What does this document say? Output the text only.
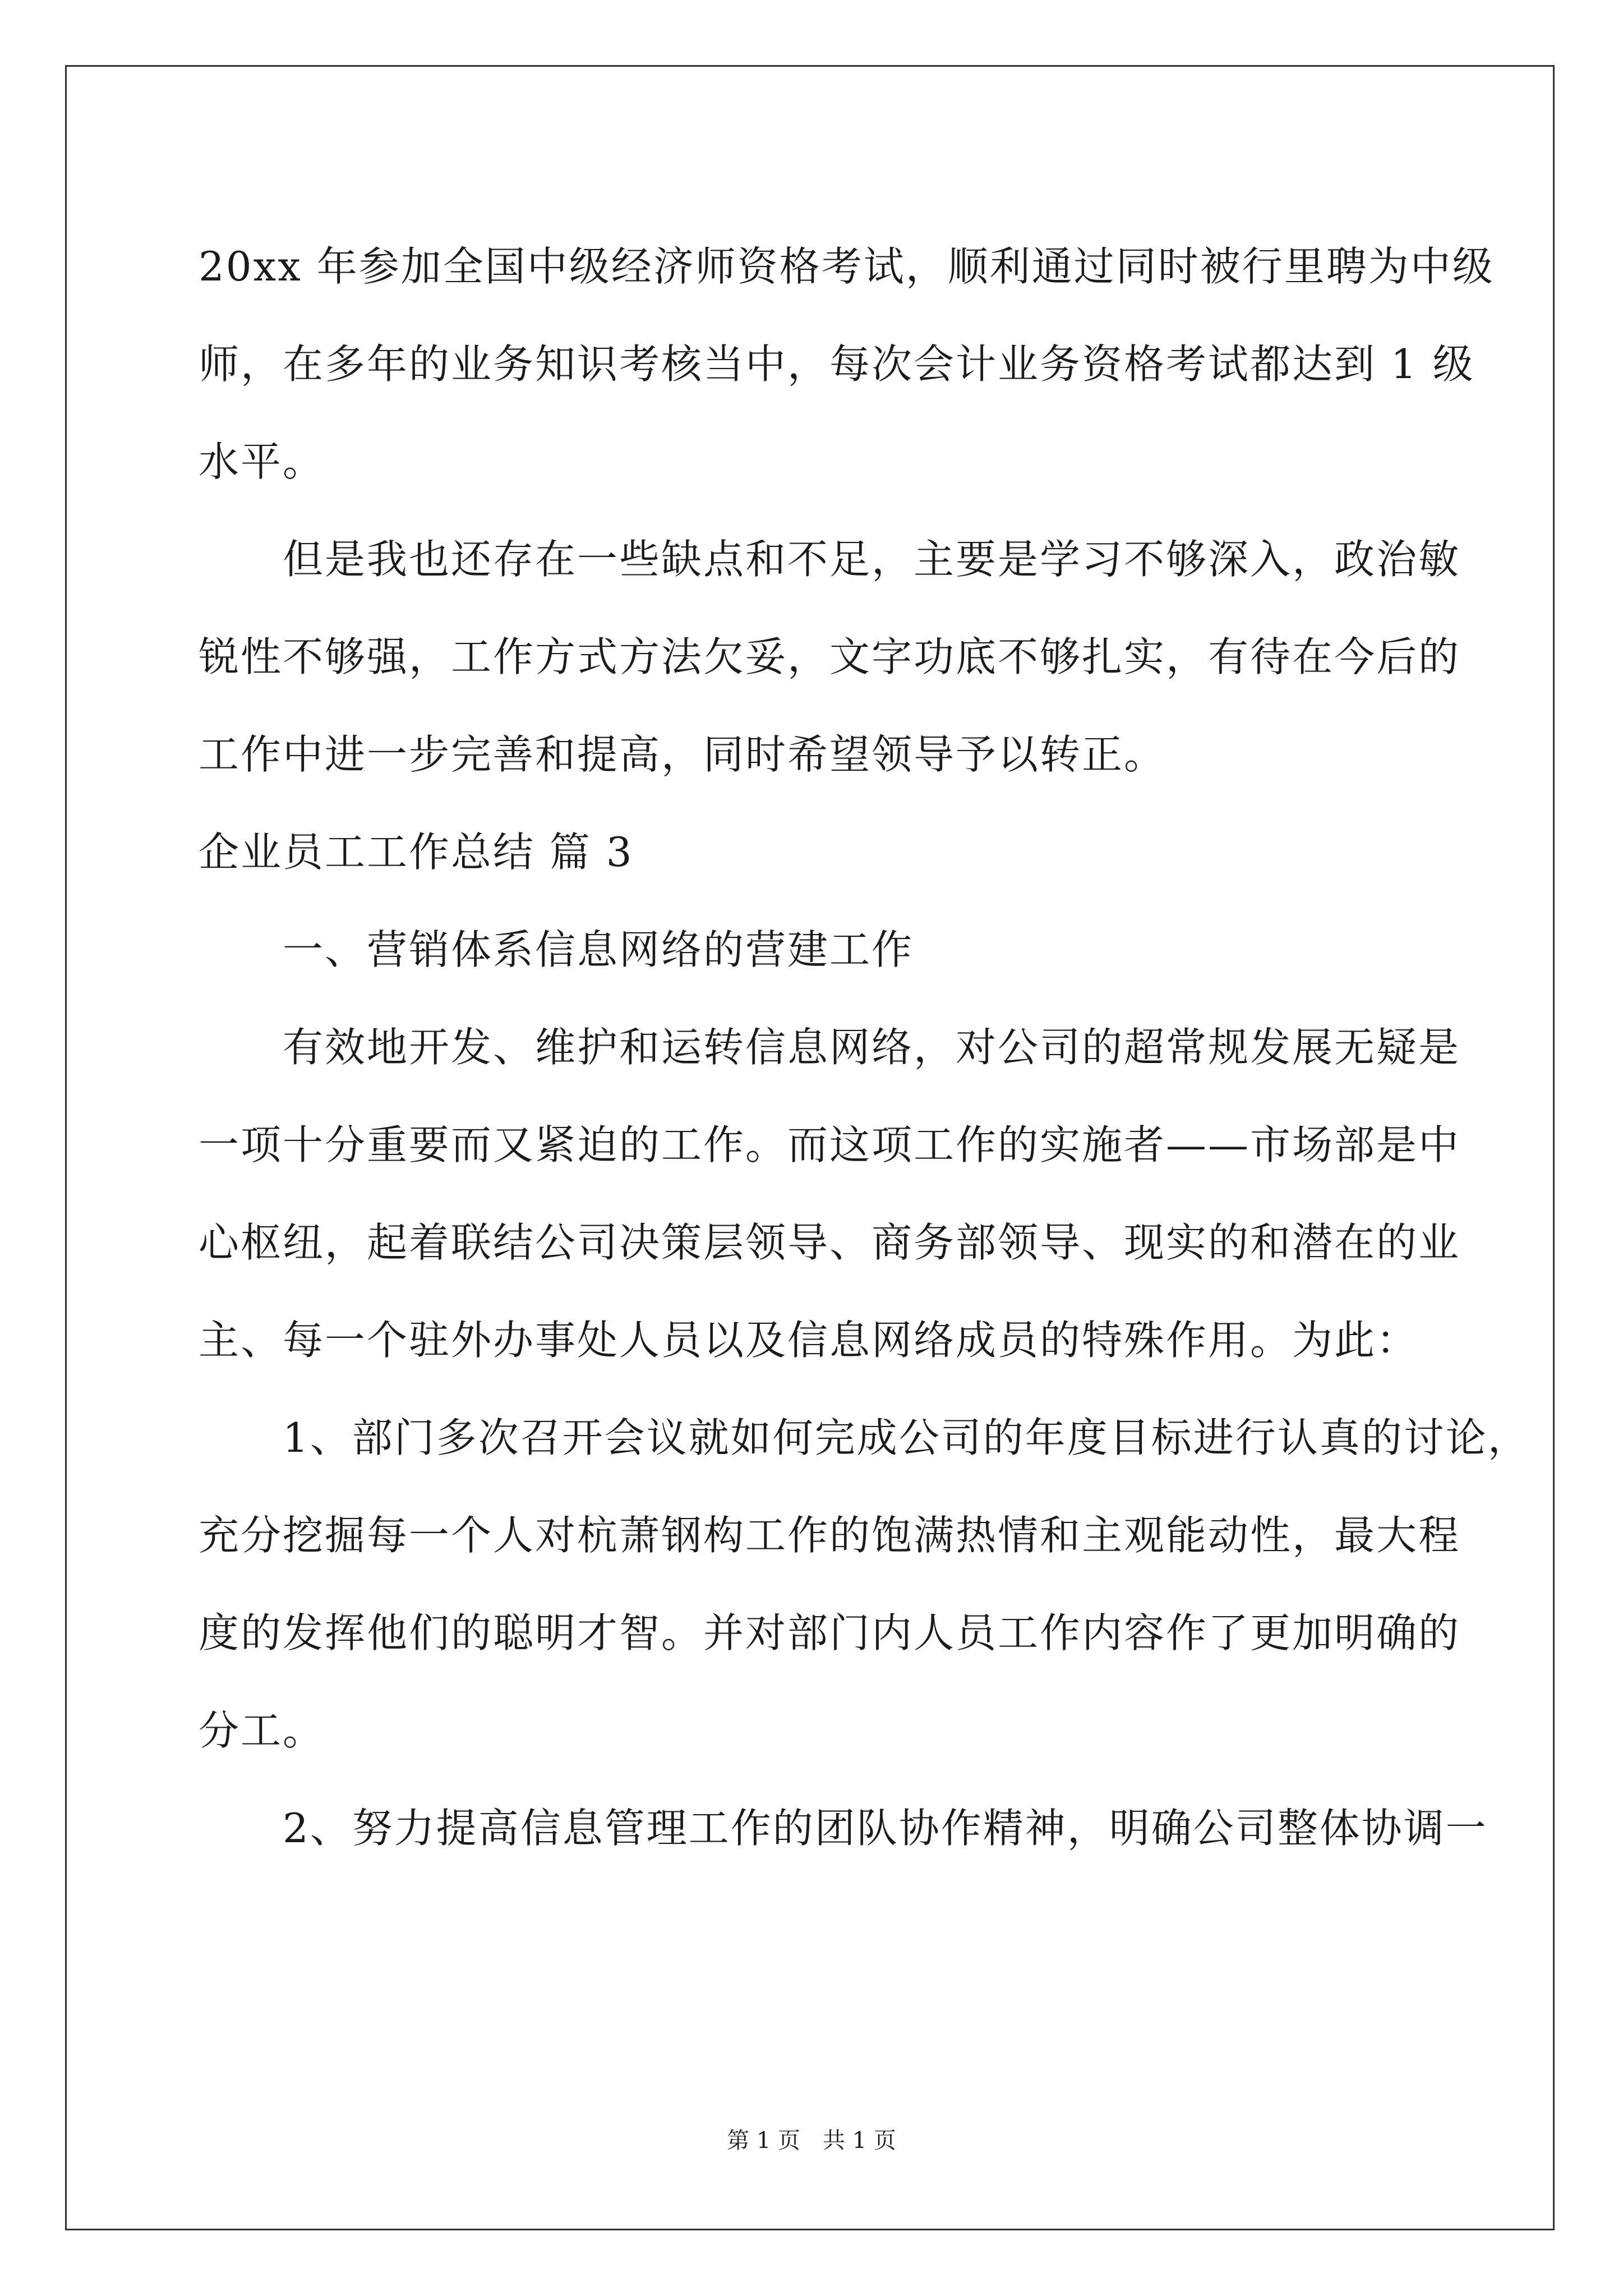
20xx 年参加全国中级经济师资格考试，顺利通过同时被行里聘为中级
师，在多年的业务知识考核当中，每次会计业务资格考试都达到 1 级
水平。
但是我也还存在一些缺点和不足，主要是学习不够深入，政治敏
锐性不够强，工作方式方法欠妥，文字功底不够扎实，有待在今后的
工作中进一步完善和提高，同时希望领导予以转正。
企业员工工作总结 篇 3
一、营销体系信息网络的营建工作
有效地开发、维护和运转信息网络，对公司的超常规发展无疑是
一项十分重要而又紧迫的工作。而这项工作的实施者——市场部是中
心枢纽，起着联结公司决策层领导、商务部领导、现实的和潜在的业
主、每一个驻外办事处人员以及信息网络成员的特殊作用。为此：
1、部门多次召开会议就如何完成公司的年度目标进行认真的讨论，
充分挖掘每一个人对杭萧钢构工作的饱满热情和主观能动性，最大程
度的发挥他们的聪明才智。并对部门内人员工作内容作了更加明确的
分工。
2、努力提高信息管理工作的团队协作精神，明确公司整体协调一
第 1 页 共 1 页
